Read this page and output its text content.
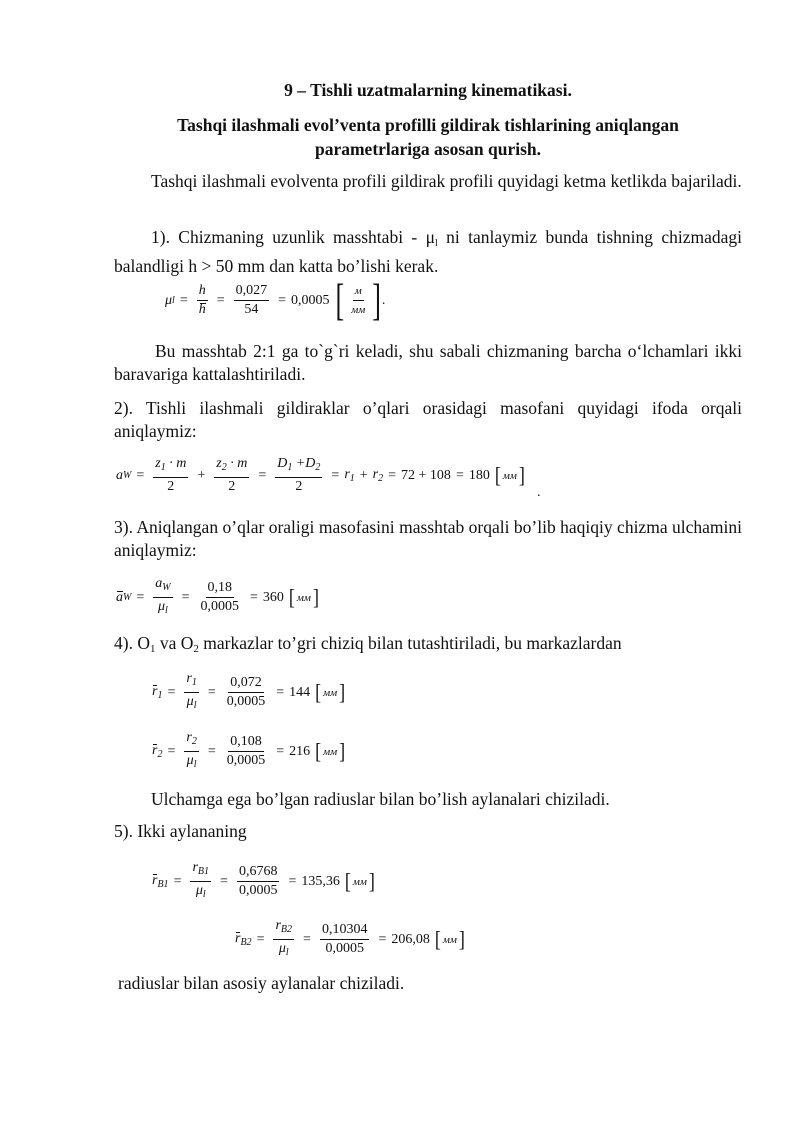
9 – Tishli uzatmalarning kinematikasi.
Tashqi ilashmali evol’venta profilli gildirak tishlarining aniqlangan
parametrlariga asosan qurish.
Tashqi ilashmali evolventa profili gildirak profili quyidagi ketma ketlikda bajariladi.
1). Chizmaning uzunlik masshtabi - $\mu_l$ ni tanlaymiz bunda tishning chizmadagi balandligi h > 50 mm dan katta bo’lishi kerak.
μ $l = \frac{h}{h} = \frac{0,027}{54} = 0,0005$ [ $\frac{м}{мм}$ ] .
Bu masshtab 2:1 ga to`g`ri keladi, shu sabali chizmaning barcha o‘lchamlari ikki baravariga kattalashtiriladi.
2). Tishli ilashmali gildiraklar o’qlari orasidagi masofani quyidagi ifoda orqali aniqlaymiz:
a $W = \frac{z_1 \cdot m}{2} + \frac{z_2 \cdot m}{2} = \frac{D_1 +D_2}{2} = r_1 + r_2 = 72 + 108 = 180$ [ мм ]
.
3). Aniqlangan o’qlar oraligi masofasini masshtab orqali bo’lib haqiqiy chizma ulchamini aniqlaymiz:
a $W = \frac{a_W}{\mu_l} = \frac{0,18}{0,0005} = 360$ [ мм ]
4). $O_1$ va $O_2$ markazlar to’gri chiziq bilan tutashtiriladi, bu markazlardan
$r_1 = \frac{r_1}{\mu_l} = \frac{0,072}{0,0005} = 144$ [ мм ]
$r_2 = \frac{r_2}{\mu_l} = \frac{0,108}{0,0005} = 216$ [ мм ]
Ulchamga ega bo’lgan radiuslar bilan bo’lish aylanalari chiziladi.
5). Ikki aylananing
$r_{B1} = \frac{r_{B1}}{\mu_l} = \frac{0,6768}{0,0005} = 135,36$ [ мм ]
$r_{B2} = \frac{r_{B2}}{\mu_l} = \frac{0,10304}{0,0005} = 206,08$ [ мм ]
radiuslar bilan asosiy aylanalar chiziladi.
